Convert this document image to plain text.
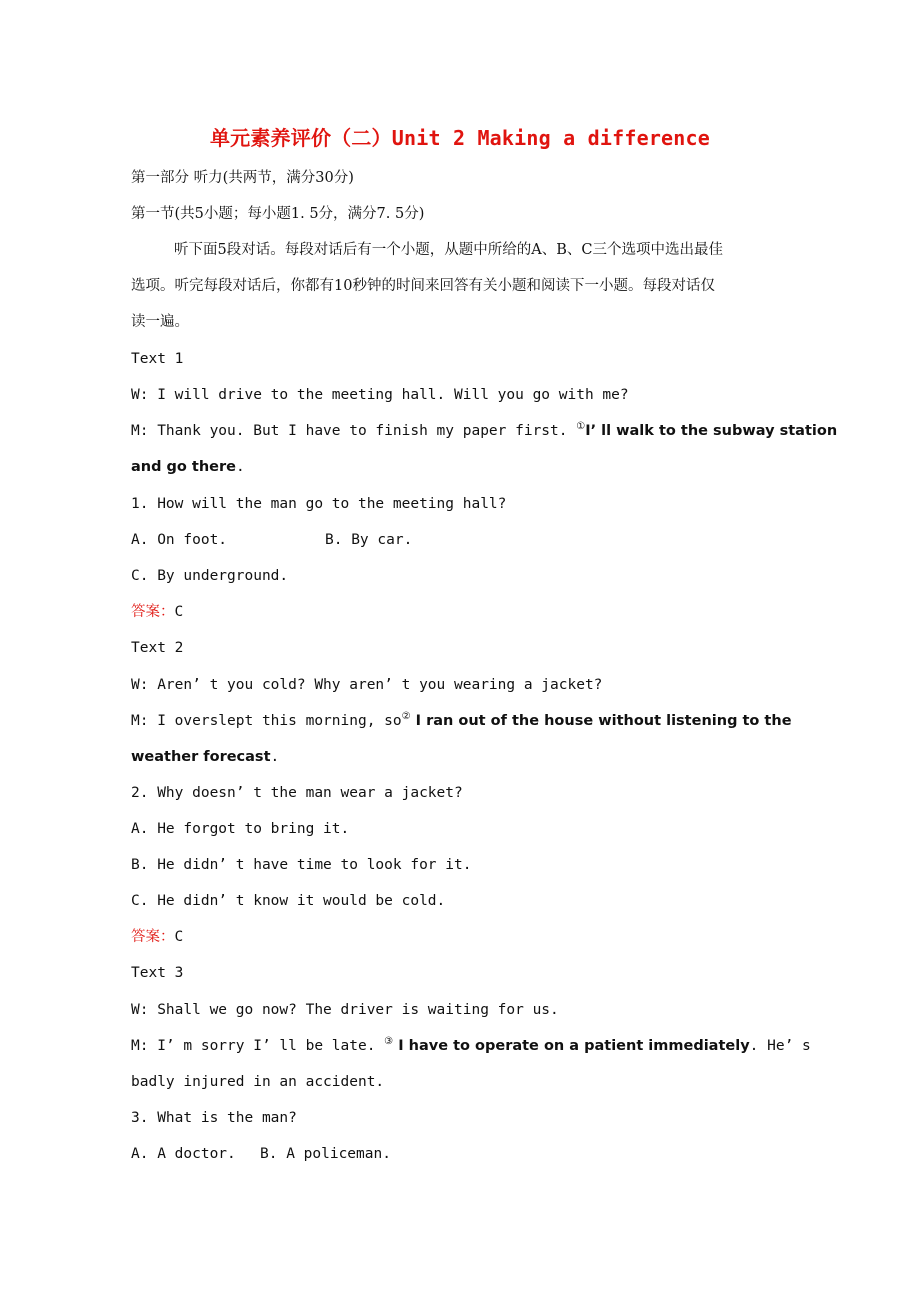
单元素养评价（二）Unit 2 Making a difference
第一部分 听力(共两节，满分30分)
第一节(共5小题；每小题1. 5分，满分7. 5分)
听下面5段对话。每段对话后有一个小题，从题中所给的A、B、C三个选项中选出最佳
选项。听完每段对话后，你都有10秒钟的时间来回答有关小题和阅读下一小题。每段对话仅
读一遍。
Text 1
W: I will drive to the meeting hall. Will you go with me?
M: Thank you. But I have to finish my paper first. ①I’ ll walk to the subway station
and go there.
1. How will the man go to the meeting hall?
A. On foot.	B. By car.
C. By underground.
答案：C
Text 2
W: Aren’ t you cold? Why aren’ t you wearing a jacket?
M: I overslept this morning, so② I ran out of the house without listening to the
weather forecast.
2. Why doesn’ t the man wear a jacket?
A. He forgot to bring it.
B. He didn’ t have time to look for it.
C. He didn’ t know it would be cold.
答案：C
Text 3
W: Shall we go now? The driver is waiting for us.
M: I’ m sorry I’ ll be late. ③ I have to operate on a patient immediately. He’ s
badly injured in an accident.
3. What is the man?
A. A doctor. B. A policeman.
